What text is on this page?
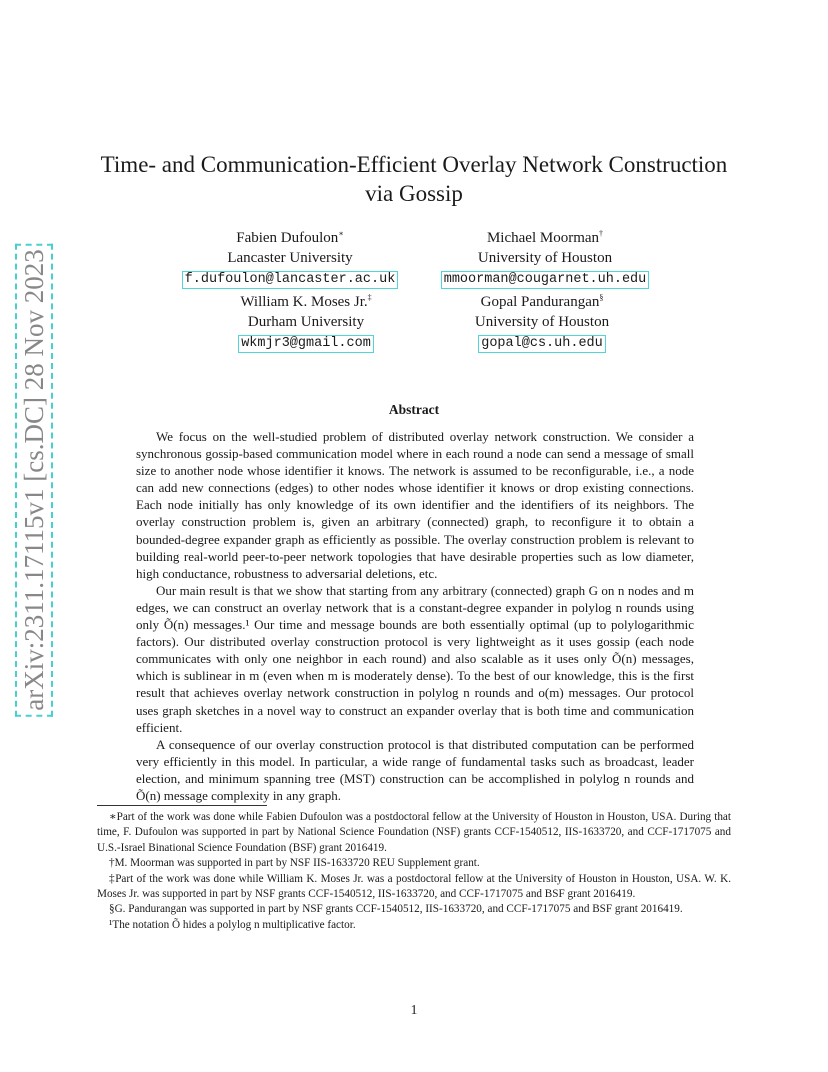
arXiv:2311.17115v1 [cs.DC] 28 Nov 2023
Time- and Communication-Efficient Overlay Network Construction
via Gossip
Fabien Dufoulon∗
Lancaster University
f.dufoulon@lancaster.ac.uk
Michael Moorman†
University of Houston
mmoorman@cougarnet.uh.edu
William K. Moses Jr.‡
Durham University
wkmjr3@gmail.com
Gopal Pandurangan§
University of Houston
gopal@cs.uh.edu
Abstract

We focus on the well-studied problem of distributed overlay network construction. We consider a synchronous gossip-based communication model where in each round a node can send a message of small size to another node whose identifier it knows. The network is assumed to be reconfigurable, i.e., a node can add new connections (edges) to other nodes whose identifier it knows or drop existing connections. Each node initially has only knowledge of its own identifier and the identifiers of its neighbors. The overlay construction problem is, given an arbitrary (connected) graph, to reconfigure it to obtain a bounded-degree expander graph as efficiently as possible. The overlay construction problem is relevant to building real-world peer-to-peer network topologies that have desirable properties such as low diameter, high conductance, robustness to adversarial deletions, etc.

Our main result is that we show that starting from any arbitrary (connected) graph G on n nodes and m edges, we can construct an overlay network that is a constant-degree expander in polylog n rounds using only Õ(n) messages.¹ Our time and message bounds are both essentially optimal (up to polylogarithmic factors). Our distributed overlay construction protocol is very lightweight as it uses gossip (each node communicates with only one neighbor in each round) and also scalable as it uses only Õ(n) messages, which is sublinear in m (even when m is moderately dense). To the best of our knowledge, this is the first result that achieves overlay network construction in polylog n rounds and o(m) messages. Our protocol uses graph sketches in a novel way to construct an expander overlay that is both time and communication efficient.

A consequence of our overlay construction protocol is that distributed computation can be performed very efficiently in this model. In particular, a wide range of fundamental tasks such as broadcast, leader election, and minimum spanning tree (MST) construction can be accomplished in polylog n rounds and Õ(n) message complexity in any graph.

∗Part of the work was done while Fabien Dufoulon was a postdoctoral fellow at the University of Houston in Houston, USA. During that time, F. Dufoulon was supported in part by National Science Foundation (NSF) grants CCF-1540512, IIS-1633720, and CCF-1717075 and U.S.-Israel Binational Science Foundation (BSF) grant 2016419.

†M. Moorman was supported in part by NSF IIS-1633720 REU Supplement grant.

‡Part of the work was done while William K. Moses Jr. was a postdoctoral fellow at the University of Houston in Houston, USA. W. K. Moses Jr. was supported in part by NSF grants CCF-1540512, IIS-1633720, and CCF-1717075 and BSF grant 2016419.

§G. Pandurangan was supported in part by NSF grants CCF-1540512, IIS-1633720, and CCF-1717075 and BSF grant 2016419.

¹The notation Õ hides a polylog n multiplicative factor.

1
